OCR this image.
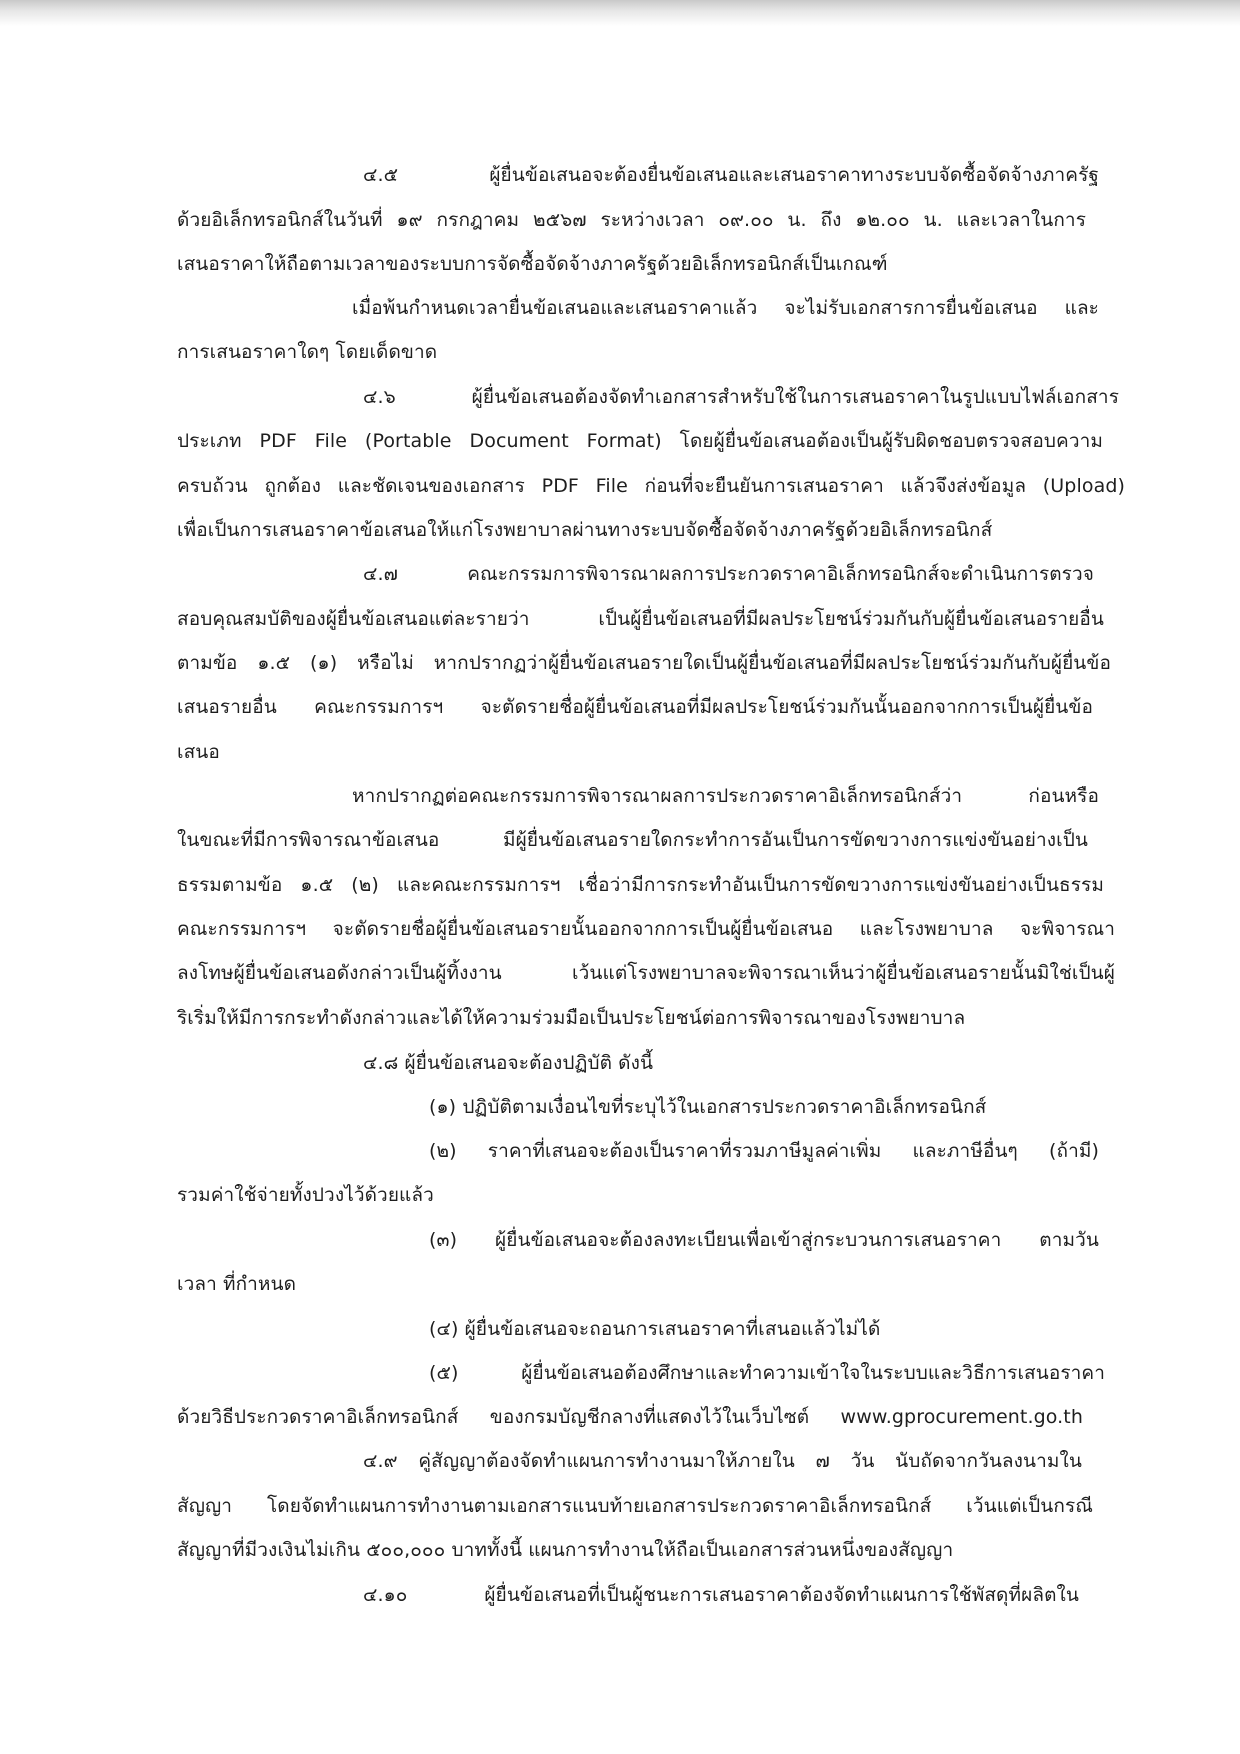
๔.๕ ผู้ยื่นข้อเสนอจะต้องยื่นข้อเสนอและเสนอราคาทางระบบจัดซื้อจัดจ้างภาครัฐ
ด้วยอิเล็กทรอนิกส์ในวันที่ ๑๙ กรกฎาคม ๒๕๖๗ ระหว่างเวลา ๐๙.๐๐ น. ถึง ๑๒.๐๐ น. และเวลาในการ
เสนอราคาให้ถือตามเวลาของระบบการจัดซื้อจัดจ้างภาครัฐด้วยอิเล็กทรอนิกส์เป็นเกณฑ์
เมื่อพ้นกำหนดเวลายื่นข้อเสนอและเสนอราคาแล้ว จะไม่รับเอกสารการยื่นข้อเสนอ และ
การเสนอราคาใดๆ โดยเด็ดขาด
๔.๖ ผู้ยื่นข้อเสนอต้องจัดทำเอกสารสำหรับใช้ในการเสนอราคาในรูปแบบไฟล์เอกสาร
ประเภท PDF File (Portable Document Format) โดยผู้ยื่นข้อเสนอต้องเป็นผู้รับผิดชอบตรวจสอบความ
ครบถ้วน ถูกต้อง และชัดเจนของเอกสาร PDF File ก่อนที่จะยืนยันการเสนอราคา แล้วจึงส่งข้อมูล (Upload)
เพื่อเป็นการเสนอราคาข้อเสนอให้แก่โรงพยาบาลผ่านทางระบบจัดซื้อจัดจ้างภาครัฐด้วยอิเล็กทรอนิกส์
๔.๗ คณะกรรมการพิจารณาผลการประกวดราคาอิเล็กทรอนิกส์จะดำเนินการตรวจ
สอบคุณสมบัติของผู้ยื่นข้อเสนอแต่ละรายว่า เป็นผู้ยื่นข้อเสนอที่มีผลประโยชน์ร่วมกันกับผู้ยื่นข้อเสนอรายอื่น
ตามข้อ ๑.๕ (๑) หรือไม่ หากปรากฏว่าผู้ยื่นข้อเสนอรายใดเป็นผู้ยื่นข้อเสนอที่มีผลประโยชน์ร่วมกันกับผู้ยื่นข้อ
เสนอรายอื่น คณะกรรมการฯ จะตัดรายชื่อผู้ยื่นข้อเสนอที่มีผลประโยชน์ร่วมกันนั้นออกจากการเป็นผู้ยื่นข้อ
เสนอ
หากปรากฏต่อคณะกรรมการพิจารณาผลการประกวดราคาอิเล็กทรอนิกส์ว่า ก่อนหรือ
ในขณะที่มีการพิจารณาข้อเสนอ มีผู้ยื่นข้อเสนอรายใดกระทำการอันเป็นการขัดขวางการแข่งขันอย่างเป็น
ธรรมตามข้อ ๑.๕ (๒) และคณะกรรมการฯ เชื่อว่ามีการกระทำอันเป็นการขัดขวางการแข่งขันอย่างเป็นธรรม
คณะกรรมการฯ จะตัดรายชื่อผู้ยื่นข้อเสนอรายนั้นออกจากการเป็นผู้ยื่นข้อเสนอ และโรงพยาบาล จะพิจารณา
ลงโทษผู้ยื่นข้อเสนอดังกล่าวเป็นผู้ทิ้งงาน เว้นแต่โรงพยาบาลจะพิจารณาเห็นว่าผู้ยื่นข้อเสนอรายนั้นมิใช่เป็นผู้
ริเริ่มให้มีการกระทำดังกล่าวและได้ให้ความร่วมมือเป็นประโยชน์ต่อการพิจารณาของโรงพยาบาล
๔.๘ ผู้ยื่นข้อเสนอจะต้องปฏิบัติ ดังนี้
(๑) ปฏิบัติตามเงื่อนไขที่ระบุไว้ในเอกสารประกวดราคาอิเล็กทรอนิกส์
(๒) ราคาที่เสนอจะต้องเป็นราคาที่รวมภาษีมูลค่าเพิ่ม และภาษีอื่นๆ (ถ้ามี)
รวมค่าใช้จ่ายทั้งปวงไว้ด้วยแล้ว
(๓) ผู้ยื่นข้อเสนอจะต้องลงทะเบียนเพื่อเข้าสู่กระบวนการเสนอราคา ตามวัน
เวลา ที่กำหนด
(๔) ผู้ยื่นข้อเสนอจะถอนการเสนอราคาที่เสนอแล้วไม่ได้
(๕) ผู้ยื่นข้อเสนอต้องศึกษาและทำความเข้าใจในระบบและวิธีการเสนอราคา
ด้วยวิธีประกวดราคาอิเล็กทรอนิกส์ ของกรมบัญชีกลางที่แสดงไว้ในเว็บไซต์ www.gprocurement.go.th
๔.๙ คู่สัญญาต้องจัดทำแผนการทำงานมาให้ภายใน ๗ วัน นับถัดจากวันลงนามใน
สัญญา โดยจัดทำแผนการทำงานตามเอกสารแนบท้ายเอกสารประกวดราคาอิเล็กทรอนิกส์ เว้นแต่เป็นกรณี
สัญญาที่มีวงเงินไม่เกิน ๕๐๐,๐๐๐ บาททั้งนี้ แผนการทำงานให้ถือเป็นเอกสารส่วนหนึ่งของสัญญา
๔.๑๐ ผู้ยื่นข้อเสนอที่เป็นผู้ชนะการเสนอราคาต้องจัดทำแผนการใช้พัสดุที่ผลิตใน
